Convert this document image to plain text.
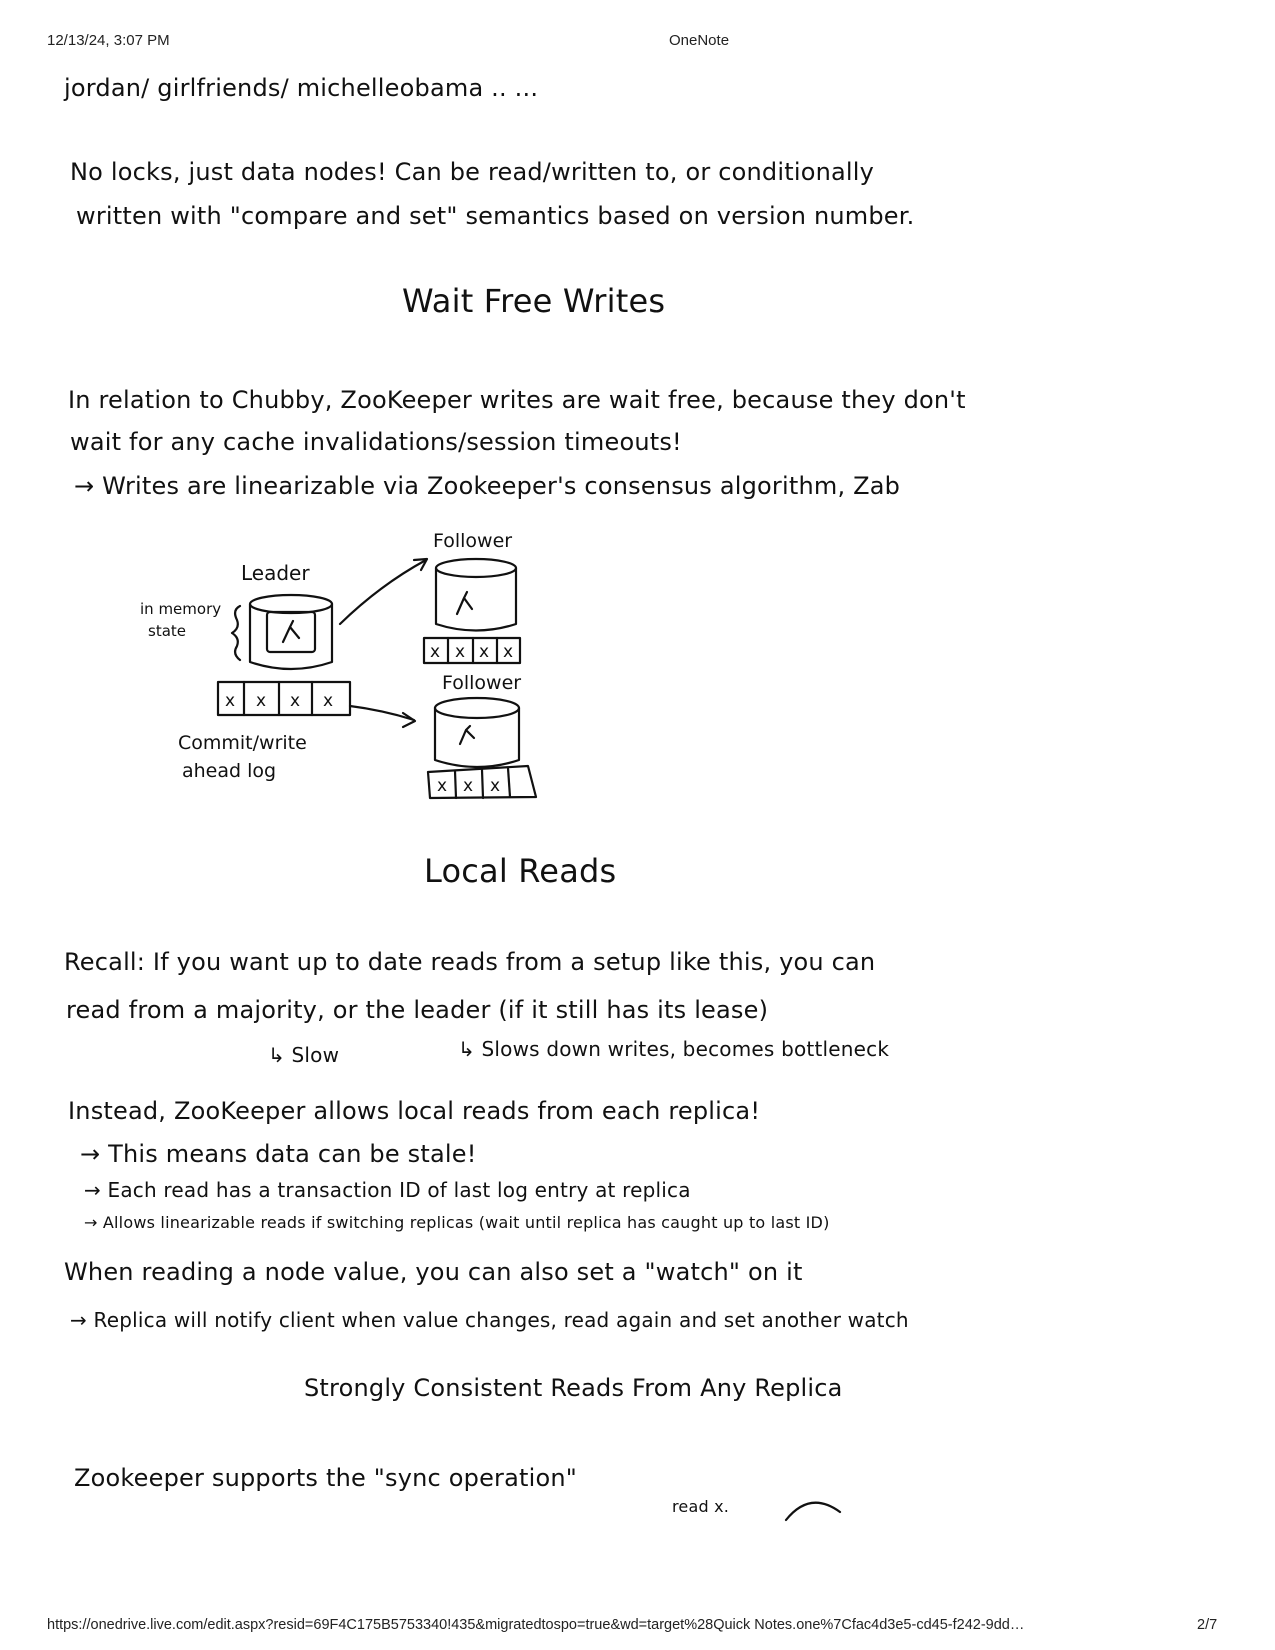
12/13/24, 3:07 PM	OneNote
jordan/ girlfriends/ michelleobama .. ...
No locks, just data nodes! Can be read/written to, or conditionally
written with "compare and set" semantics based on version number.
Wait Free Writes
In relation to Chubby, ZooKeeper writes are wait free, because they don't
wait for any cache invalidations/session timeouts!
→ Writes are linearizable via Zookeeper's consensus algorithm, Zab
x x x x
x x x x
x x x
Leader
Follower
Follower
in memory
state
Commit/write
ahead log
Local Reads
Recall: If you want up to date reads from a setup like this, you can
read from a majority, or the leader (if it still has its lease)
↳ Slow	↳ Slows down writes, becomes bottleneck
Instead, ZooKeeper allows local reads from each replica!
→ This means data can be stale!
→ Each read has a transaction ID of last log entry at replica
→ Allows linearizable reads if switching replicas (wait until replica has caught up to last ID)
When reading a node value, you can also set a "watch" on it
→ Replica will notify client when value changes, read again and set another watch
Strongly Consistent Reads From Any Replica
Zookeeper supports the "sync operation"
read x.
https://onedrive.live.com/edit.aspx?resid=69F4C175B5753340!435&migratedtospo=true&wd=target%28Quick Notes.one%7Cfac4d3e5-cd45-f242-9dd…	2/7
